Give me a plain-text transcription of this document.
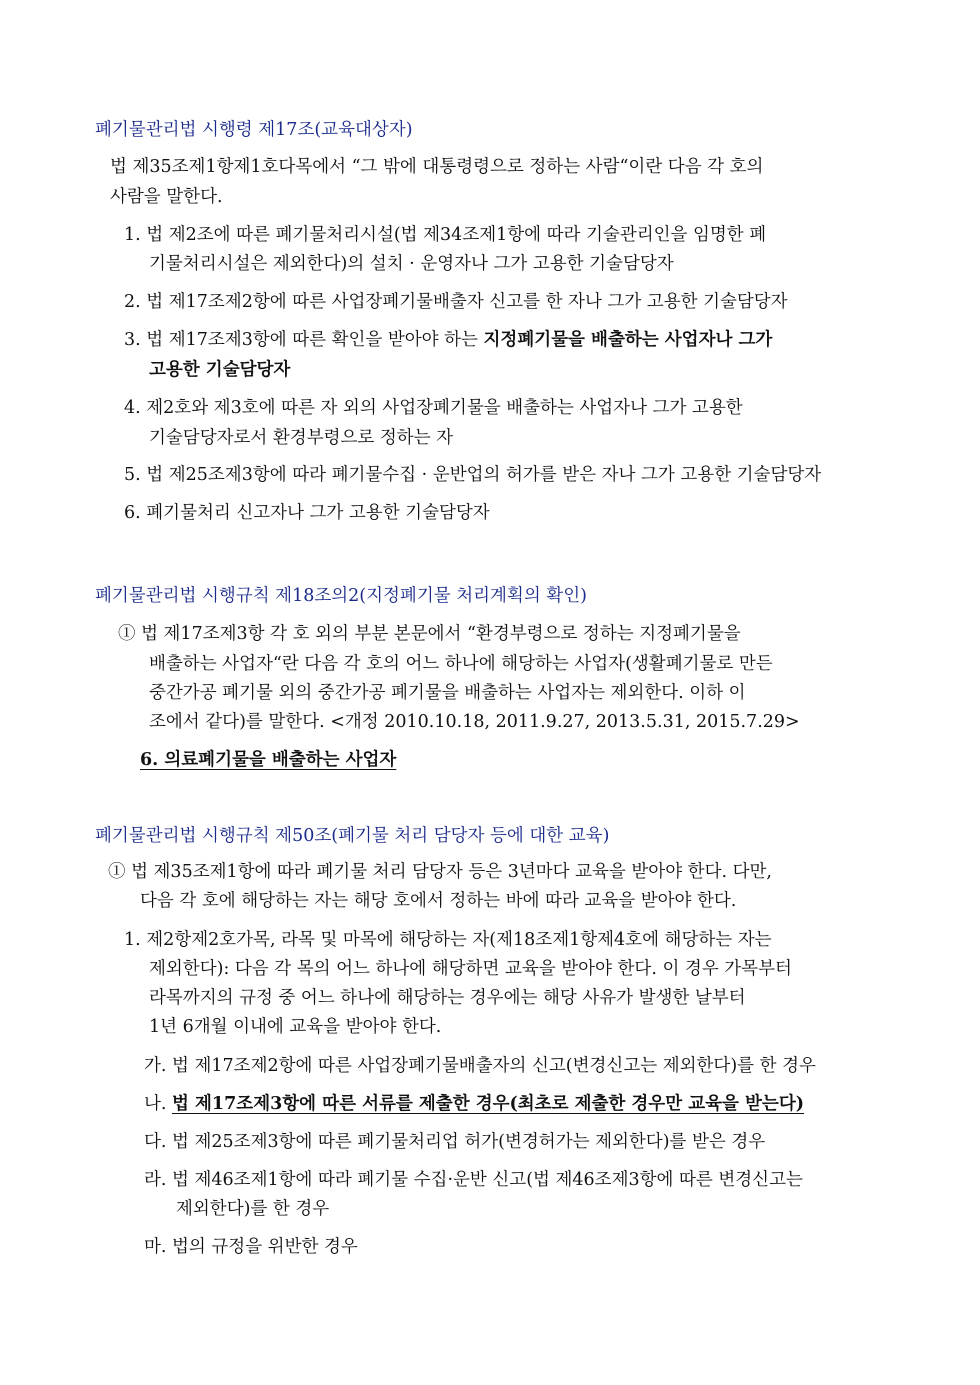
폐기물관리법 시행령 제17조(교육대상자)
법 제35조제1항제1호다목에서 “그 밖에 대통령령으로 정하는 사람“이란 다음 각 호의
사람을 말한다.
1. 법 제2조에 따른 폐기물처리시설(법 제34조제1항에 따라 기술관리인을 임명한 폐
기물처리시설은 제외한다)의 설치 · 운영자나 그가 고용한 기술담당자
2. 법 제17조제2항에 따른 사업장폐기물배출자 신고를 한 자나 그가 고용한 기술담당자
3. 법 제17조제3항에 따른 확인을 받아야 하는 지정폐기물을 배출하는 사업자나 그가
고용한 기술담당자
4. 제2호와 제3호에 따른 자 외의 사업장폐기물을 배출하는 사업자나 그가 고용한
기술담당자로서 환경부령으로 정하는 자
5. 법 제25조제3항에 따라 폐기물수집 · 운반업의 허가를 받은 자나 그가 고용한 기술담당자
6. 폐기물처리 신고자나 그가 고용한 기술담당자
폐기물관리법 시행규칙 제18조의2(지정폐기물 처리계획의 확인)
① 법 제17조제3항 각 호 외의 부분 본문에서 “환경부령으로 정하는 지정폐기물을
배출하는 사업자“란 다음 각 호의 어느 하나에 해당하는 사업자(생활폐기물로 만든
중간가공 폐기물 외의 중간가공 폐기물을 배출하는 사업자는 제외한다. 이하 이
조에서 같다)를 말한다. <개정 2010.10.18, 2011.9.27, 2013.5.31, 2015.7.29>
6. 의료폐기물을 배출하는 사업자
폐기물관리법 시행규칙 제50조(폐기물 처리 담당자 등에 대한 교육)
① 법 제35조제1항에 따라 폐기물 처리 담당자 등은 3년마다 교육을 받아야 한다. 다만,
다음 각 호에 해당하는 자는 해당 호에서 정하는 바에 따라 교육을 받아야 한다.
1. 제2항제2호가목, 라목 및 마목에 해당하는 자(제18조제1항제4호에 해당하는 자는
제외한다): 다음 각 목의 어느 하나에 해당하면 교육을 받아야 한다. 이 경우 가목부터
라목까지의 규정 중 어느 하나에 해당하는 경우에는 해당 사유가 발생한 날부터
1년 6개월 이내에 교육을 받아야 한다.
가. 법 제17조제2항에 따른 사업장폐기물배출자의 신고(변경신고는 제외한다)를 한 경우
나. 법 제17조제3항에 따른 서류를 제출한 경우(최초로 제출한 경우만 교육을 받는다)
다. 법 제25조제3항에 따른 폐기물처리업 허가(변경허가는 제외한다)를 받은 경우
라. 법 제46조제1항에 따라 폐기물 수집·운반 신고(법 제46조제3항에 따른 변경신고는
제외한다)를 한 경우
마. 법의 규정을 위반한 경우
